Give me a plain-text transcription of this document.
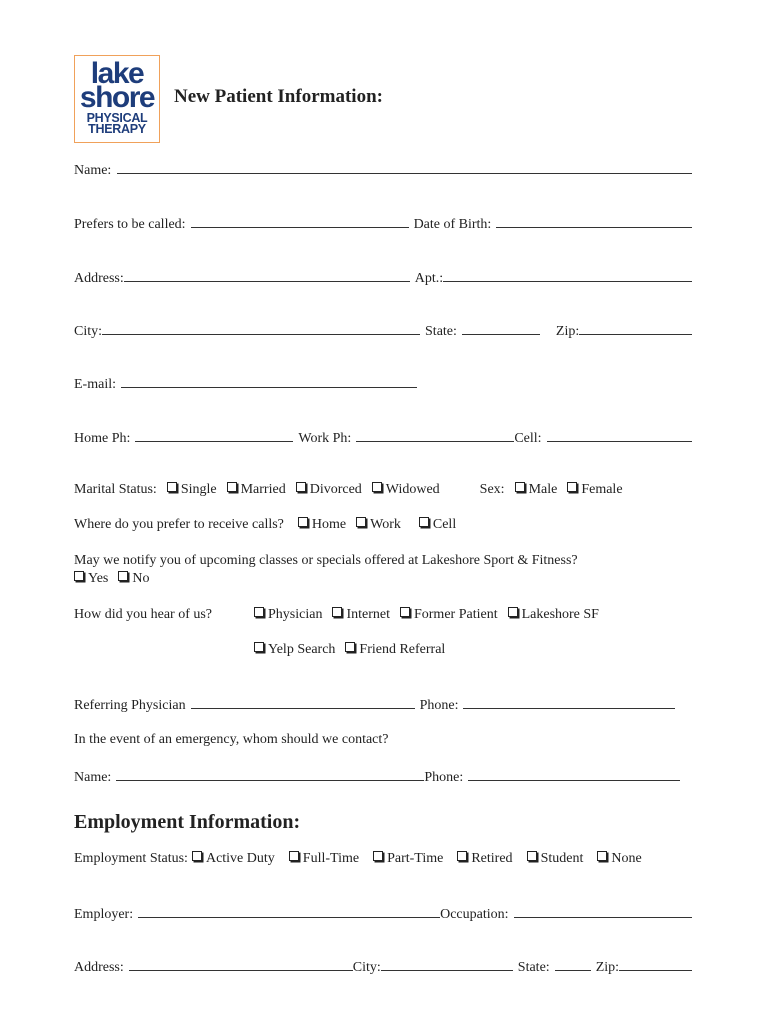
lake
shore
PHYSICAL
THERAPY
New Patient Information:
Name:
Prefers to be called:	Date of Birth:
Address:	Apt.:
City:	State:	Zip:
E-mail:
Home Ph:	Work Ph:	Cell:
Marital Status: Single Married Divorced Widowed	Sex: Male Female
Where do you prefer to receive calls? Home Work Cell
May we notify you of upcoming classes or specials offered at Lakeshore Sport & Fitness?
Yes No
How did you hear of us?	Physician Internet Former Patient Lakeshore SF
Yelp Search Friend Referral
Referring Physician	Phone:
In the event of an emergency, whom should we contact?
Name:	Phone:
Employment Information:
Employment Status: Active Duty Full-Time Part-Time Retired Student None
Employer:	Occupation:
Address:	City:	State:	Zip:
